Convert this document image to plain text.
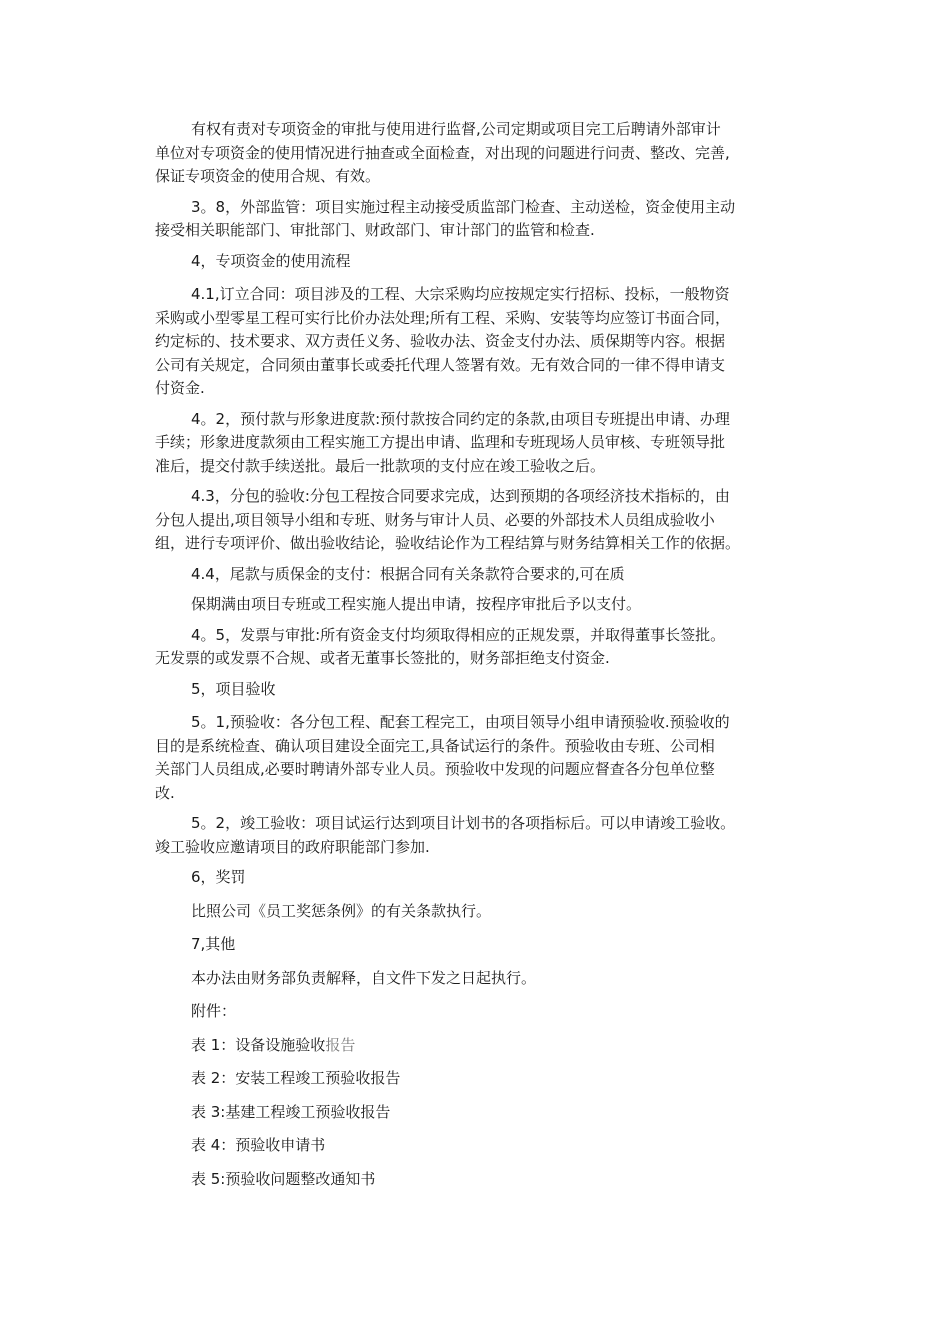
有权有责对专项资金的审批与使用进行监督,公司定期或项目完工后聘请外部审计
单位对专项资金的使用情况进行抽查或全面检查，对出现的问题进行问责、整改、完善,
保证专项资金的使用合规、有效。

3。8，外部监管：项目实施过程主动接受质监部门检查、主动送检，资金使用主动
接受相关职能部门、审批部门、财政部门、审计部门的监管和检查.

4，专项资金的使用流程

4.1,订立合同：项目涉及的工程、大宗采购均应按规定实行招标、投标，一般物资
采购或小型零星工程可实行比价办法处理;所有工程、采购、安装等均应签订书面合同，
约定标的、技术要求、双方责任义务、验收办法、资金支付办法、质保期等内容。根据
公司有关规定，合同须由董事长或委托代理人签署有效。无有效合同的一律不得申请支
付资金.

4。2，预付款与形象进度款:预付款按合同约定的条款,由项目专班提出申请、办理
手续；形象进度款须由工程实施工方提出申请、监理和专班现场人员审核、专班领导批
准后，提交付款手续送批。最后一批款项的支付应在竣工验收之后。

4.3，分包的验收:分包工程按合同要求完成，达到预期的各项经济技术指标的，由
分包人提出,项目领导小组和专班、财务与审计人员、必要的外部技术人员组成验收小
组，进行专项评价、做出验收结论，验收结论作为工程结算与财务结算相关工作的依据。

4.4，尾款与质保金的支付：根据合同有关条款符合要求的,可在质

保期满由项目专班或工程实施人提出申请，按程序审批后予以支付。

4。5，发票与审批:所有资金支付均须取得相应的正规发票，并取得董事长签批。
无发票的或发票不合规、或者无董事长签批的，财务部拒绝支付资金.

5，项目验收

5。1,预验收：各分包工程、配套工程完工，由项目领导小组申请预验收.预验收的
目的是系统检查、确认项目建设全面完工,具备试运行的条件。预验收由专班、公司相
关部门人员组成,必要时聘请外部专业人员。预验收中发现的问题应督查各分包单位整
改.

5。2，竣工验收：项目试运行达到项目计划书的各项指标后。可以申请竣工验收。
竣工验收应邀请项目的政府职能部门参加.

6，奖罚

比照公司《员工奖惩条例》的有关条款执行。

7,其他

本办法由财务部负责解释，自文件下发之日起执行。

附件：

表 1：设备设施验收报告

表 2：安装工程竣工预验收报告

表 3:基建工程竣工预验收报告

表 4：预验收申请书

表 5:预验收问题整改通知书
